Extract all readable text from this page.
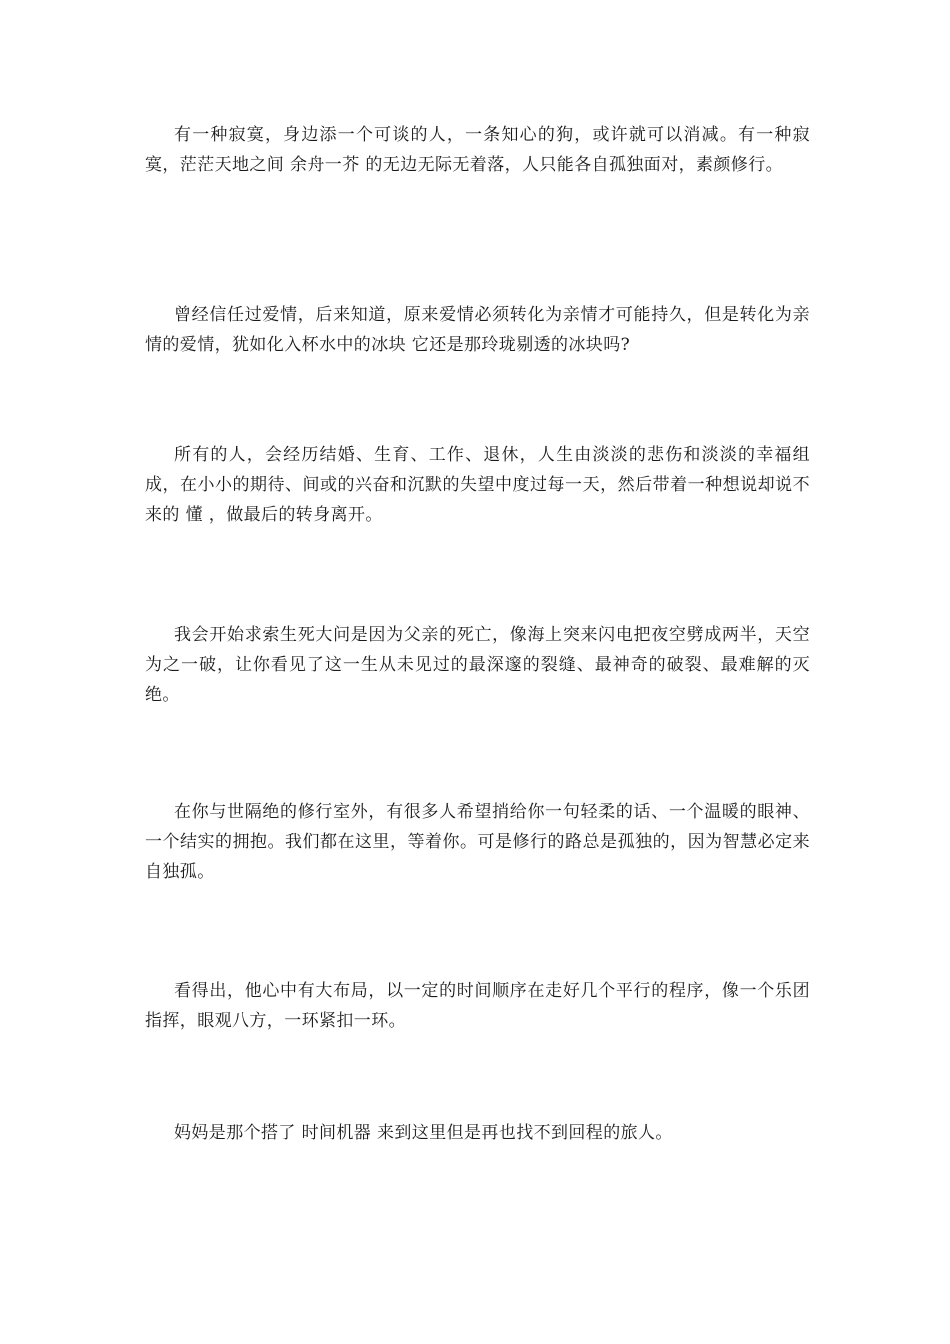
有一种寂寞，身边添一个可谈的人，一条知心的狗，或许就可以消减。有一种寂寞，茫茫天地之间 余舟一芥 的无边无际无着落，人只能各自孤独面对，素颜修行。

曾经信任过爱情，后来知道，原来爱情必须转化为亲情才可能持久，但是转化为亲情的爱情，犹如化入杯水中的冰块 它还是那玲珑剔透的冰块吗?

所有的人，会经历结婚、生育、工作、退休，人生由淡淡的悲伤和淡淡的幸福组成，在小小的期待、间或的兴奋和沉默的失望中度过每一天，然后带着一种想说却说不来的 懂 ，做最后的转身离开。

我会开始求索生死大问是因为父亲的死亡，像海上突来闪电把夜空劈成两半，天空为之一破，让你看见了这一生从未见过的最深邃的裂缝、最神奇的破裂、最难解的灭绝。

在你与世隔绝的修行室外，有很多人希望捎给你一句轻柔的话、一个温暖的眼神、一个结实的拥抱。我们都在这里，等着你。可是修行的路总是孤独的，因为智慧必定来自独孤。

看得出，他心中有大布局，以一定的时间顺序在走好几个平行的程序，像一个乐团指挥，眼观八方，一环紧扣一环。

妈妈是那个搭了 时间机器 来到这里但是再也找不到回程的旅人。
